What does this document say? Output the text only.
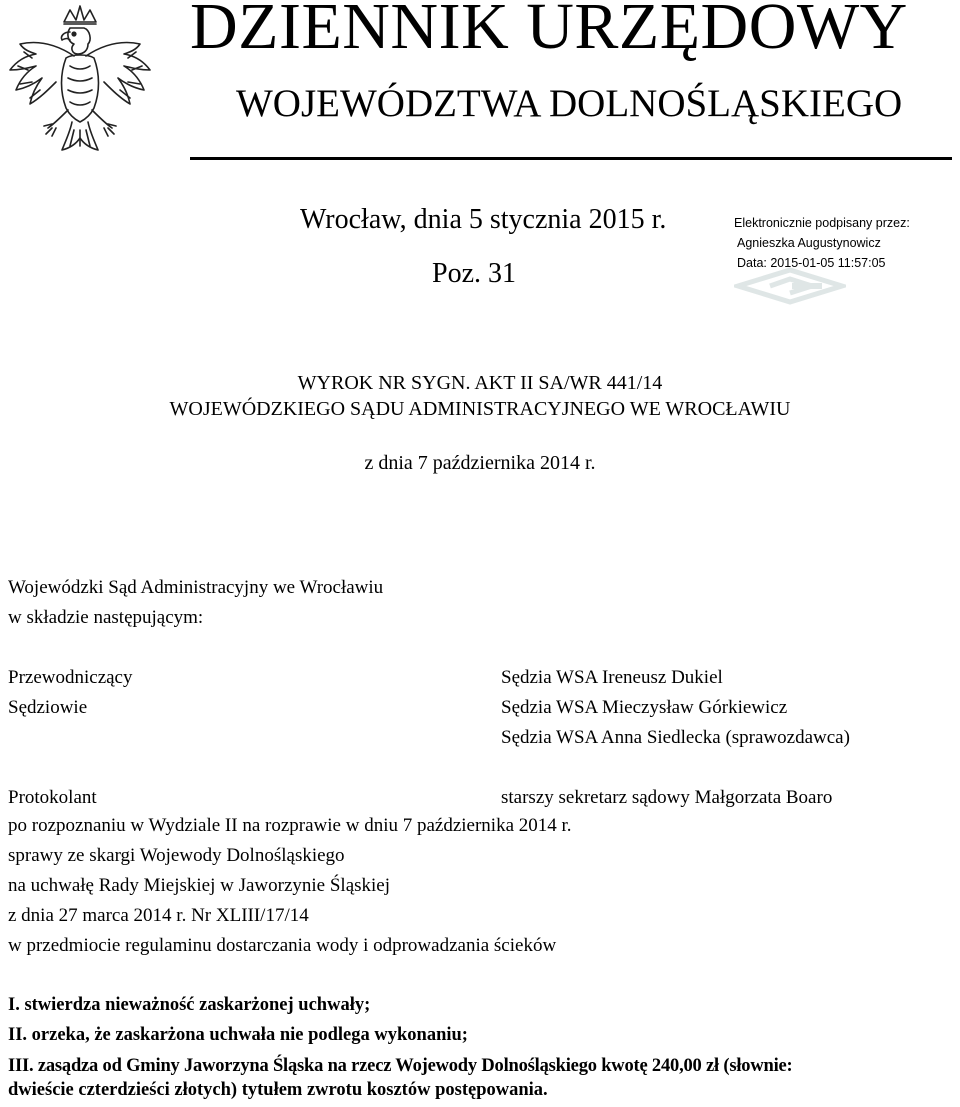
DZIENNIK URZĘDOWY
WOJEWÓDZTWA DOLNOŚLĄSKIEGO
Wrocław, dnia 5 stycznia 2015 r.
Poz. 31
Elektronicznie podpisany przez:
Agnieszka Augustynowicz
Data: 2015-01-05 11:57:05
WYROK NR SYGN. AKT II SA/WR 441/14
WOJEWÓDZKIEGO SĄDU ADMINISTRACYJNEGO WE WROCŁAWIU
z dnia 7 października 2014 r.
Wojewódzki Sąd Administracyjny we Wrocławiu
w składzie następującym:
Przewodniczący
Sędziowie
Sędzia WSA Ireneusz Dukiel
Sędzia WSA Mieczysław Górkiewicz
Sędzia WSA Anna Siedlecka (sprawozdawca)
Protokolant	starszy sekretarz sądowy Małgorzata Boaro
po rozpoznaniu w Wydziale II na rozprawie w dniu 7 października 2014 r.
sprawy ze skargi Wojewody Dolnośląskiego
na uchwałę Rady Miejskiej w Jaworzynie Śląskiej
z dnia 27 marca 2014 r. Nr XLIII/17/14
w przedmiocie regulaminu dostarczania wody i odprowadzania ścieków
I. stwierdza nieważność zaskarżonej uchwały;
II. orzeka, że zaskarżona uchwała nie podlega wykonaniu;
III. zasądza od Gminy Jaworzyna Śląska na rzecz Wojewody Dolnośląskiego kwotę 240,00 zł (słownie:
dwieście czterdzieści złotych) tytułem zwrotu kosztów postępowania.
